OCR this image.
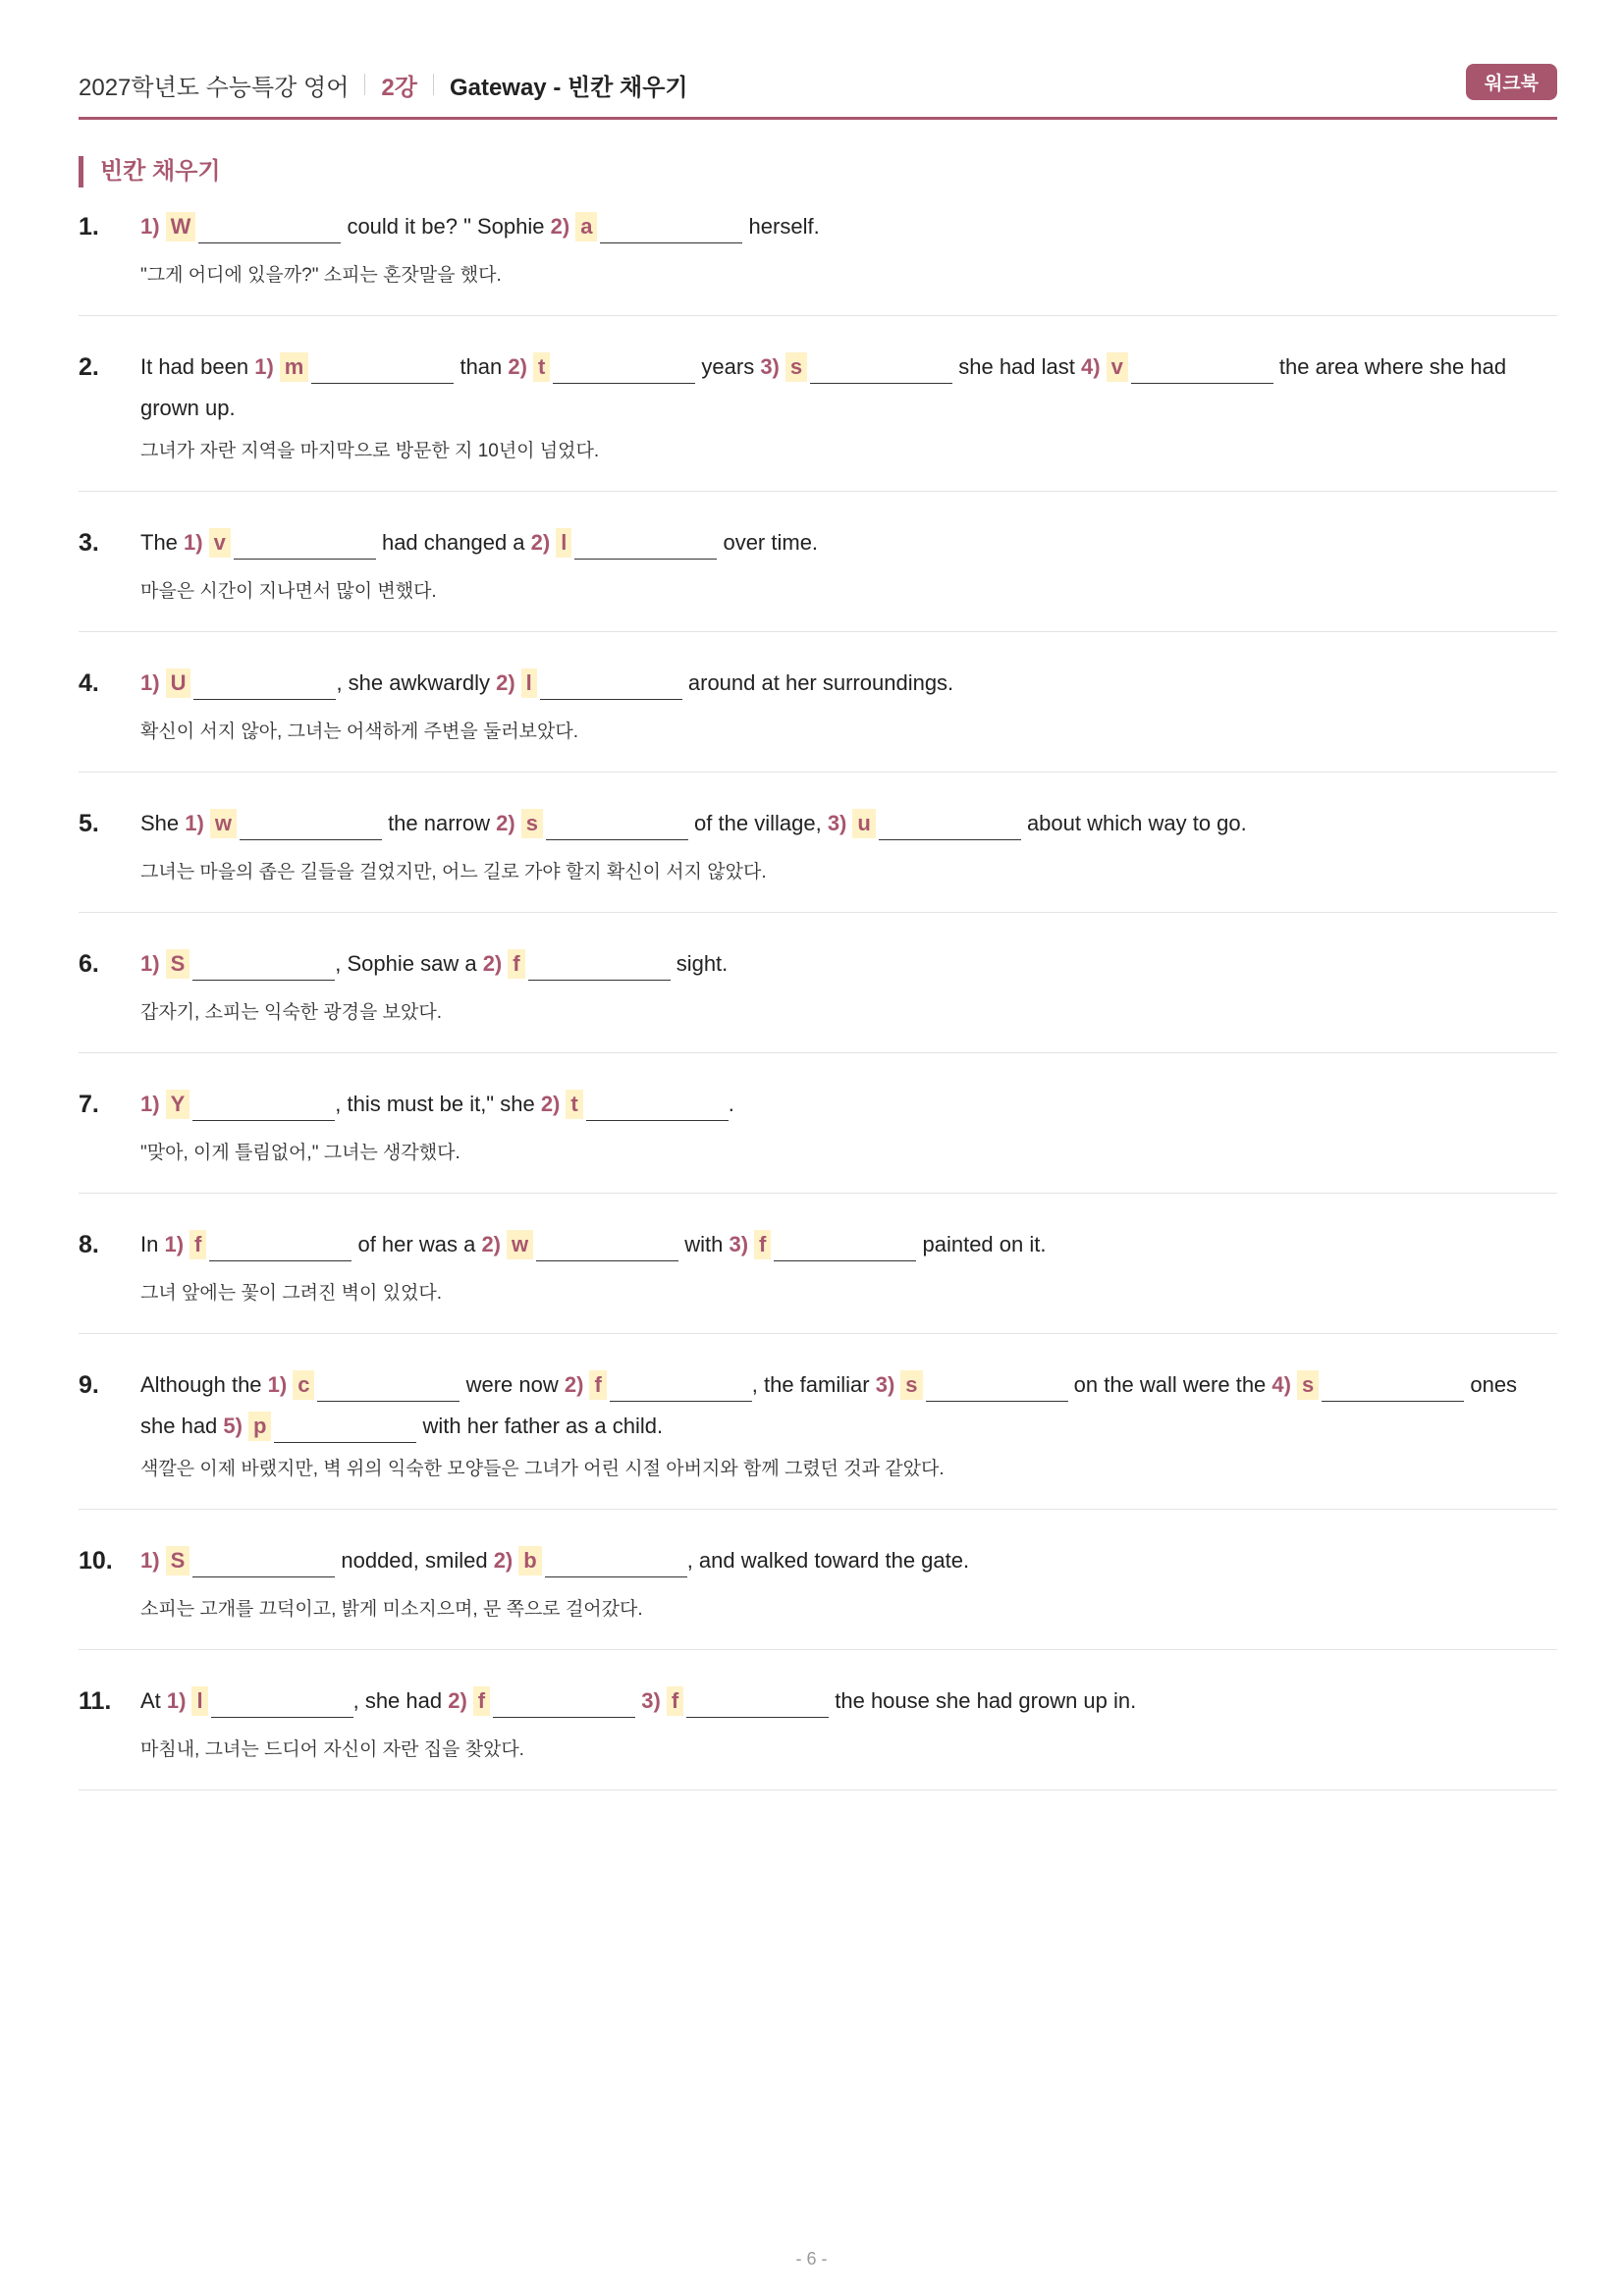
2027학년도 수능특강 영어 2강 Gateway - 빈칸 채우기	워크북
빈칸 채우기
1.	1) W	could it be? " Sophie 2) a	herself.
"그게 어디에 있을까?" 소피는 혼잣말을 했다.
2.	It had been 1) m	than 2) t	years 3) s	she had last 4) v	the area where she had
grown up.
그녀가 자란 지역을 마지막으로 방문한 지 10년이 넘었다.
3.	The 1) v	had changed a 2) l	over time.
마을은 시간이 지나면서 많이 변했다.
4.	1) U	, she awkwardly 2) l	around at her surroundings.
확신이 서지 않아, 그녀는 어색하게 주변을 둘러보았다.
5.	She 1) w	the narrow 2) s	of the village, 3) u	about which way to go.
그녀는 마을의 좁은 길들을 걸었지만, 어느 길로 가야 할지 확신이 서지 않았다.
6.	1) S	, Sophie saw a 2) f	sight.
갑자기, 소피는 익숙한 광경을 보았다.
7.	1) Y	, this must be it," she 2) t	.
"맞아, 이게 틀림없어," 그녀는 생각했다.
8.	In 1) f	of her was a 2) w	with 3) f	painted on it.
그녀 앞에는 꽃이 그려진 벽이 있었다.
9.	Although the 1) c	were now 2) f	, the familiar 3) s	on the wall were the 4) s	ones
she had 5) p	with her father as a child.
색깔은 이제 바랬지만, 벽 위의 익숙한 모양들은 그녀가 어린 시절 아버지와 함께 그렸던 것과 같았다.
10.	1) S	nodded, smiled 2) b	, and walked toward the gate.
소피는 고개를 끄덕이고, 밝게 미소지으며, 문 쪽으로 걸어갔다.
11.	At 1) l	, she had 2) f	3) f	the house she had grown up in.
마침내, 그녀는 드디어 자신이 자란 집을 찾았다.
- 6 -
